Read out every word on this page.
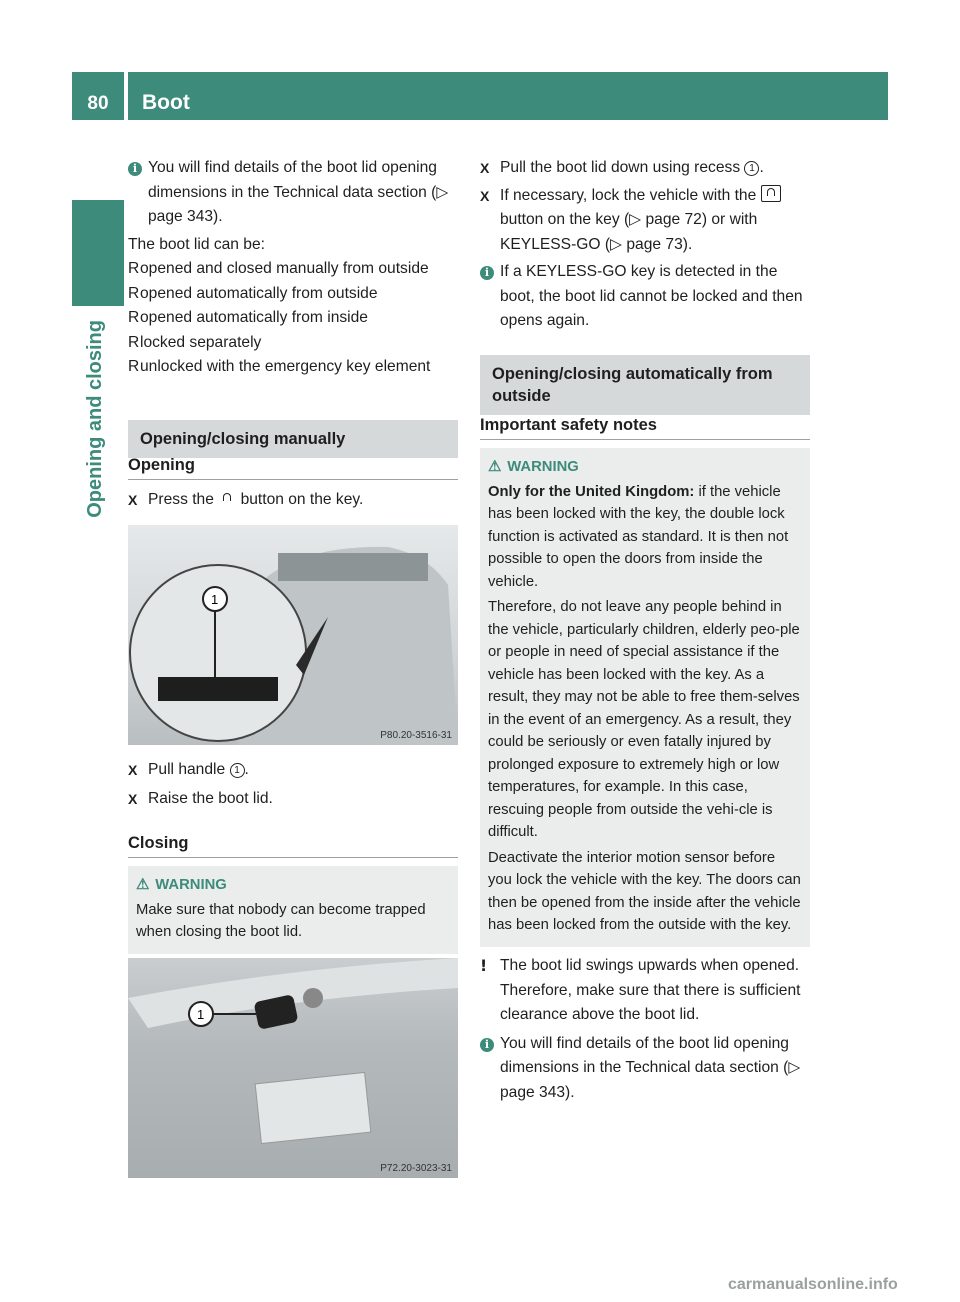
80	Boot
Opening and closing

i You will find details of the boot lid opening dimensions in the Technical data section (▷ page 343).

The boot lid can be:

R opened and closed manually from outside

R opened automatically from outside

R opened automatically from inside

R locked separately

R unlocked with the emergency key element

Opening/closing manually
Opening

X Press the button on the key.

1
P80.20-3516-31

X Pull handle 1 .

X Raise the boot lid.

Closing
⚠ WARNING
Make sure that nobody can become trapped when closing the boot lid.
1
P72.20-3023-31

X Pull the boot lid down using recess 1 .

X If necessary, lock the vehicle with the  button on the key (▷ page 72) or with KEYLESS-GO (▷ page 73).

i If a KEYLESS-GO key is detected in the boot, the boot lid cannot be locked and then opens again.

Opening/closing automatically from outside
Important safety notes
⚠ WARNING
Only for the United Kingdom: if the vehicle has been locked with the key, the double lock function is activated as standard. It is then not possible to open the doors from inside the vehicle.
Therefore, do not leave any people behind in the vehicle, particularly children, elderly peo-ple or people in need of special assistance if the vehicle has been locked with the key. As a result, they may not be able to free them-selves in the event of an emergency. As a result, they could be seriously or even fatally injured by prolonged exposure to extremely high or low temperatures, for example. In this case, rescuing people from outside the vehi-cle is difficult.
Deactivate the interior motion sensor before you lock the vehicle with the key. The doors can then be opened from the inside after the vehicle has been locked from the outside with the key.

! The boot lid swings upwards when opened. Therefore, make sure that there is sufficient clearance above the boot lid.

i You will find details of the boot lid opening dimensions in the Technical data section (▷ page 343).

carmanualsonline.info
